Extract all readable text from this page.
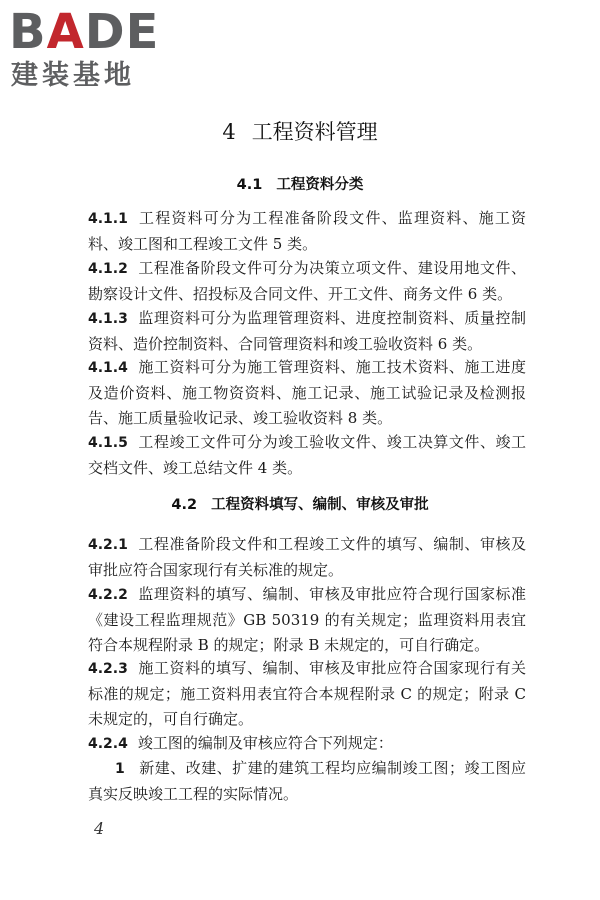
BADE
建装基地
4 工程资料管理
4.1 工程资料分类
4.1.1 工程资料可分为工程准备阶段文件、监理资料、施工资料、竣工图和工程竣工文件 5 类。
4.1.2 工程准备阶段文件可分为决策立项文件、建设用地文件、勘察设计文件、招投标及合同文件、开工文件、商务文件 6 类。
4.1.3 监理资料可分为监理管理资料、进度控制资料、质量控制资料、造价控制资料、合同管理资料和竣工验收资料 6 类。
4.1.4 施工资料可分为施工管理资料、施工技术资料、施工进度及造价资料、施工物资资料、施工记录、施工试验记录及检测报告、施工质量验收记录、竣工验收资料 8 类。
4.1.5 工程竣工文件可分为竣工验收文件、竣工决算文件、竣工交档文件、竣工总结文件 4 类。
4.2 工程资料填写、编制、审核及审批
4.2.1 工程准备阶段文件和工程竣工文件的填写、编制、审核及审批应符合国家现行有关标准的规定。
4.2.2 监理资料的填写、编制、审核及审批应符合现行国家标准《建设工程监理规范》GB 50319 的有关规定；监理资料用表宜符合本规程附录 B 的规定；附录 B 未规定的，可自行确定。
4.2.3 施工资料的填写、编制、审核及审批应符合国家现行有关标准的规定；施工资料用表宜符合本规程附录 C 的规定；附录 C 未规定的，可自行确定。
4.2.4 竣工图的编制及审核应符合下列规定：
1 新建、改建、扩建的建筑工程均应编制竣工图；竣工图应真实反映竣工工程的实际情况。
4
